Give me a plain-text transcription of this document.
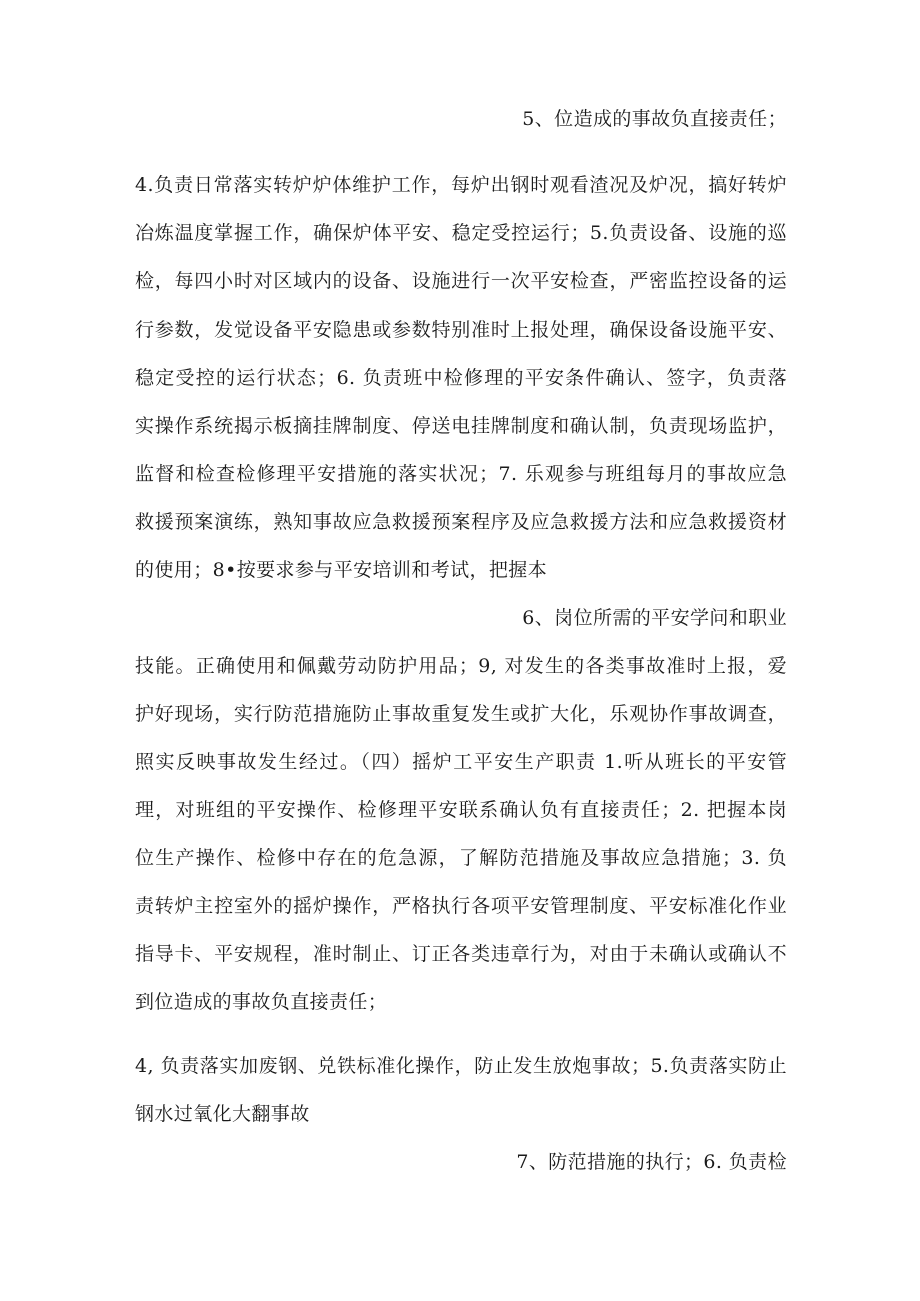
5、位造成的事故负直接责任；
4.负责日常落实转炉炉体维护工作，每炉出钢时观看渣况及炉况，搞好转炉
冶炼温度掌握工作，确保炉体平安、稳定受控运行；5.负责设备、设施的巡
检，每四小时对区域内的设备、设施进行一次平安检查，严密监控设备的运
行参数，发觉设备平安隐患或参数特别准时上报处理，确保设备设施平安、
稳定受控的运行状态；6. 负责班中检修理的平安条件确认、签字，负责落
实操作系统揭示板摘挂牌制度、停送电挂牌制度和确认制，负责现场监护，
监督和检查检修理平安措施的落实状况；7. 乐观参与班组每月的事故应急
救援预案演练，熟知事故应急救援预案程序及应急救援方法和应急救援资材
的使用；8•按要求参与平安培训和考试，把握本
6、岗位所需的平安学问和职业
技能。正确使用和佩戴劳动防护用品；9, 对发生的各类事故准时上报，爱
护好现场，实行防范措施防止事故重复发生或扩大化，乐观协作事故调查，
照实反映事故发生经过。（四）摇炉工平安生产职责 1.听从班长的平安管
理，对班组的平安操作、检修理平安联系确认负有直接责任；2. 把握本岗
位生产操作、检修中存在的危急源，了解防范措施及事故应急措施；3. 负
责转炉主控室外的摇炉操作，严格执行各项平安管理制度、平安标准化作业
指导卡、平安规程，准时制止、订正各类违章行为，对由于未确认或确认不
到位造成的事故负直接责任；
4, 负责落实加废钢、兑铁标准化操作，防止发生放炮事故；5.负责落实防止
钢水过氧化大翻事故
7、防范措施的执行；6. 负责检
